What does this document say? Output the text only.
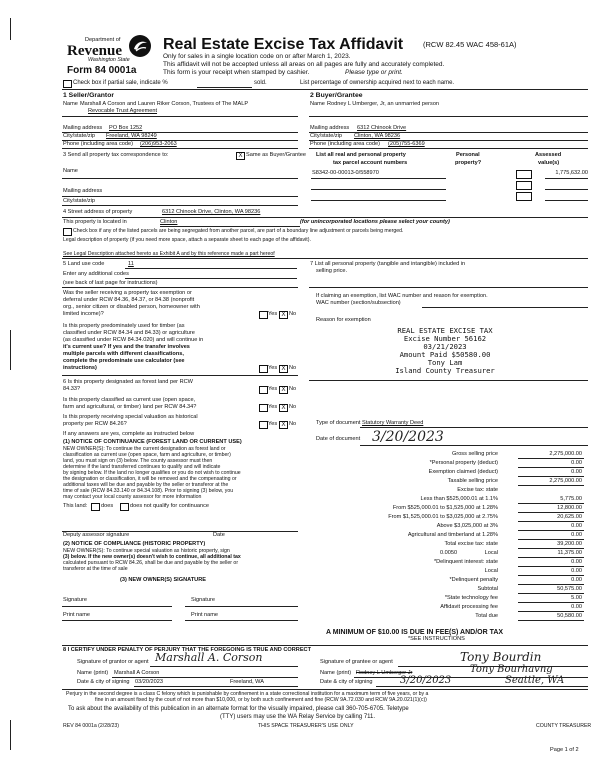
Department of
Revenue
Washington State
Form 84 0001a
Real Estate Excise Tax Affidavit	(RCW 82.45 WAC 458-61A)
Only for sales in a single location code on or after March 1, 2023.
This affidavit will not be accepted unless all areas on all pages are fully and accurately completed.
This form is your receipt when stamped by cashier.	Please type or print.
Check box if partial sale, indicate %	sold.	List percentage of ownership acquired next to each name.
1 Seller/Grantor
Name Marshall A Corson and Lauren Riker Corson, Trustees of The MALP
Revocable Trust Agreement
Mailing address PO Box 1252
City/state/zip Freeland, WA 98249
Phone (including area code) (206)953-2063
2 Buyer/Grantee
Name Rodney L Umberger, Jr, an unmarried person
Mailing address 6312 Chinook Drive
City/state/zip Clinton, WA 98236
Phone (including area code) (205)755-6369
3 Send all property tax correspondence to:	X Same as Buyer/Grantee
Name
Mailing address
City/state/zip
List all real and personal property
tax parcel account numbers
Personal
property?
Assessed
value(s)
S8342-00-00013-0/558970	1,775,632.00
4 Street address of property	6312 Chinook Drive, Clinton, WA 98236
This property is located in	Clinton	(for unincorporated locations please select your county)
Check box if any of the listed parcels are being segregated from another parcel, are part of a boundary line adjustment or parcels being merged.
Legal description of property (if you need more space, attach a separate sheet to each page of the affidavit).
See Legal Description attached hereto as Exhibit A and by this reference made a part hereof
5 Land use code	11
Enter any additional codes
(see back of last page for instructions)
Was the seller receiving a property tax exemption or
deferral under RCW 84.36, 84.37, or 84.38 (nonprofit
org., senior citizen or disabled person, homeowner with
limited income)?	Yes X No
Is this property predominately used for timber (as
classified under RCW 84.34 and 84.33) or agriculture
(as classified under RCW 84.34.020) and will continue in
it's current use? If yes and the transfer involves
multiple parcels with different classifications,
complete the predominate use calculator (see
instructions)	Yes X No
6 Is this property designated as forest land per RCW
84.33?	Yes X No
Is this property classified as current use (open space,
farm and agricultural, or timber) land per RCW 84.34?	Yes X No
Is this property receiving special valuation as historical
property per RCW 84.26?	Yes X No
If any answers are yes, complete as instructed below
(1) NOTICE OF CONTINUANCE (FOREST LAND OR CURRENT USE)
NEW OWNER(S): To continue the current designation as forest land or
classification as current use (open space, farm and agriculture, or timber)
land, you must sign on (3) below. The county assessor must then
determine if the land transferred continues to qualify and will indicate
by signing below. If the land no longer qualifies or you do not wish to continue
the designation or classification, it will be removed and the compensating or
additional taxes will be due and payable by the seller or transferor at the
time of sale (RCW 84.33.140 or 84.34.108). Prior to signing (3) below, you
may contact your local county assessor for more information
This land: does	does not qualify for continuance
Deputy assessor signature	Date
(2) NOTICE OF COMPLIANCE (HISTORIC PROPERTY)
NEW OWNER(S): To continue special valuation as historic property, sign
(3) below. If the new owner(s) doesn't wish to continue, all additional tax
calculated pursuant to RCW 84.26, shall be due and payable by the seller or
transferor at the time of sale
(3) NEW OWNER(S) SIGNATURE
Signature	Signature
Print name	Print name
7 List all personal property (tangible and intangible) included in
selling price.
If claiming an exemption, list WAC number and reason for exemption.
WAC number (section/subsection)
Reason for exemption
REAL ESTATE EXCISE TAX
Excise Number 56162
03/21/2023
Amount Paid $50580.00
Tony Lam
Island County Treasurer
Type of document Statutory Warranty Deed
Date of document 3/20/2023
Gross selling price	2,275,000.00
*Personal property (deduct)	0.00
Exemption claimed (deduct)	0.00
Taxable selling price	2,275,000.00
Excise tax: state
Less than $525,000.01 at 1.1%	5,775.00
From $525,000.01 to $1,525,000 at 1.28%	12,800.00
From $1,525,000.01 to $3,025,000 at 2.75%	20,625.00
Above $3,025,000 at 3%	0.00
Agricultural and timberland at 1.28%	0.00
Total excise tax: state	39,200.00
0.0050	Local	11,375.00
*Delinquent interest: state	0.00
Local	0.00
*Delinquent penalty	0.00
Subtotal	50,575.00
*State technology fee	5.00
Affidavit processing fee	0.00
Total due	50,580.00
A MINIMUM OF $10.00 IS DUE IN FEE(S) AND/OR TAX
*SEE INSTRUCTIONS
8 I CERTIFY UNDER PENALTY OF PERJURY THAT THE FOREGOING IS TRUE AND CORRECT
Signature of grantor or agent Marshall A. Corson
Name (print) Marshall A Corson
Date & city of signing 03/20/2023	Freeland, WA
Signature of grantee or agent	Tony Bourdin
Name (print) Rodney L Umberger Jr	Tony Bourhavng
Date & city of signing	3/20/2023	Seattle, WA
Perjury in the second degree is a class C felony which is punishable by confinement in a state correctional institution for a maximum term of five years, or by a
fine in an amount fixed by the court of not more than $10,000, or by both such confinement and fine (RCW 9A.72.030 and RCW 9A.20.021(1)(c))
To ask about the availability of this publication in an alternate format for the visually impaired, please call 360-705-6705. Teletype
(TTY) users may use the WA Relay Service by calling 711.
REV 84 0001a (2/28/23)	THIS SPACE TREASURER'S USE ONLY	COUNTY TREASURER
Page 1 of 2
